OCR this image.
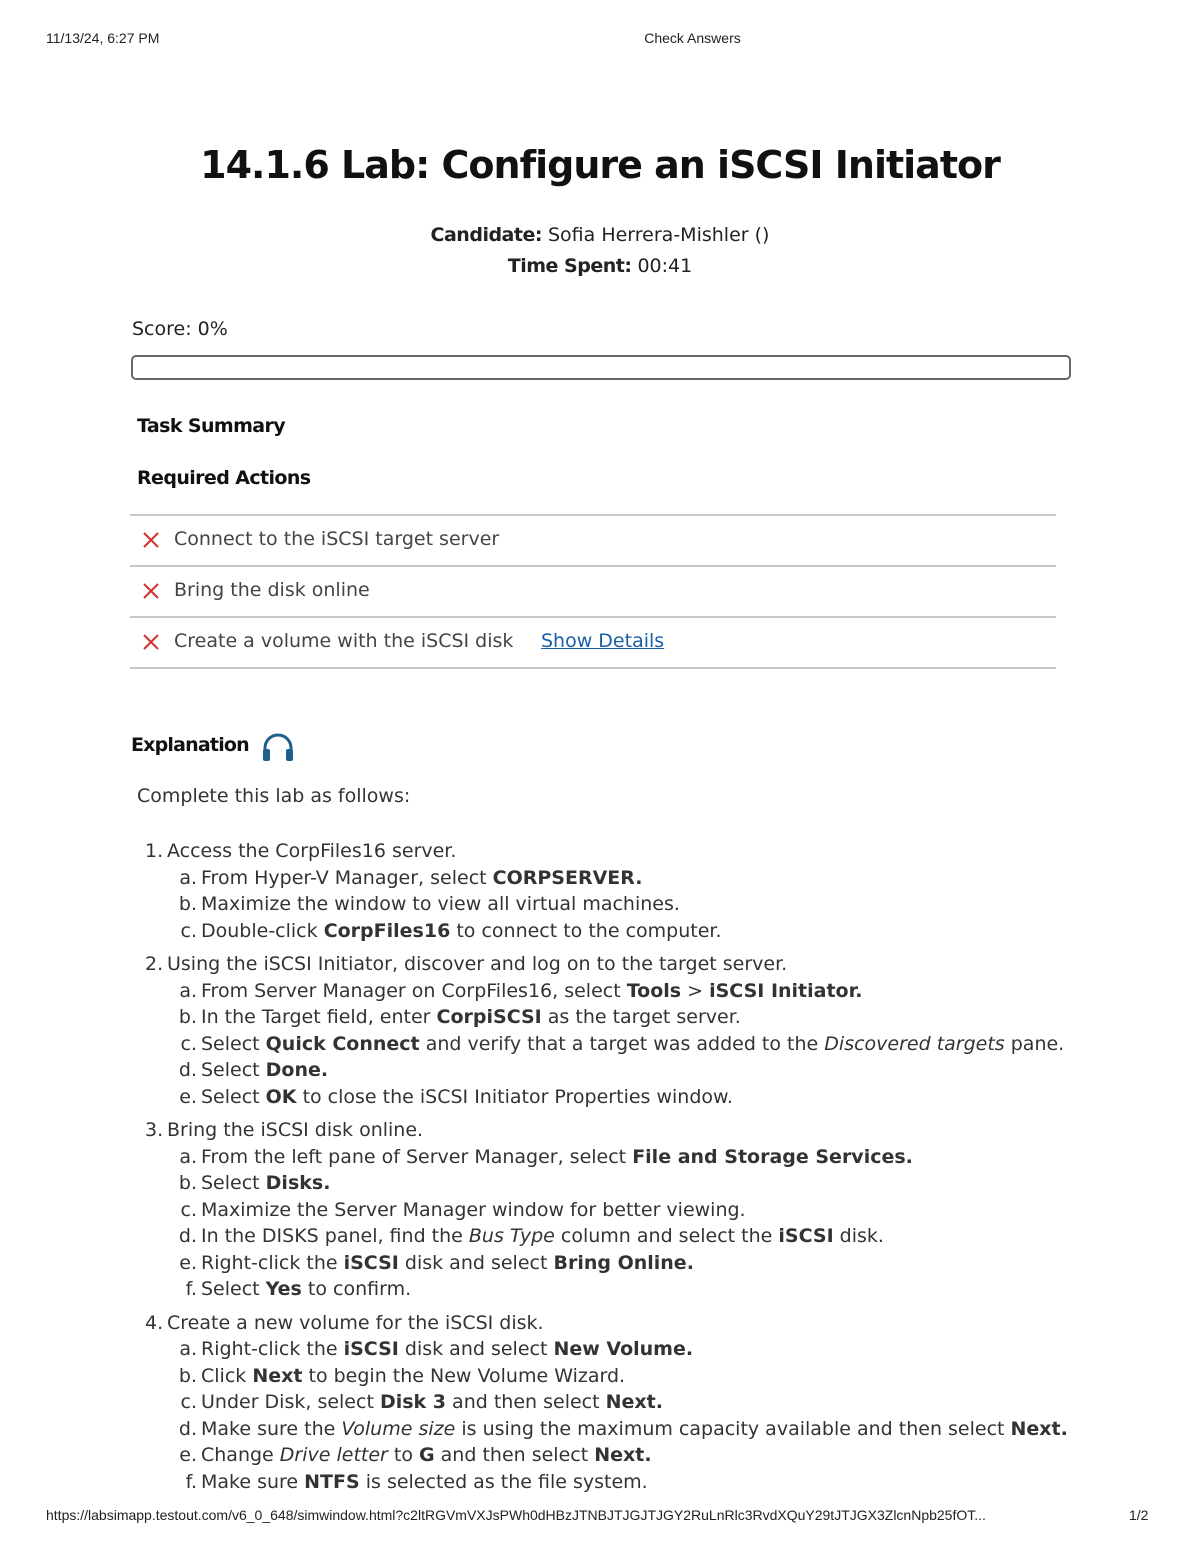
11/13/24, 6:27 PM	Check Answers
14.1.6 Lab: Configure an iSCSI Initiator
Candidate: Sofia Herrera-Mishler ()
Time Spent: 00:41
Score: 0%
Task Summary
Required Actions
Connect to the iSCSI target server
Bring the disk online
Create a volume with the iSCSI disk Show Details
Explanation
Complete this lab as follows:
1. Access the CorpFiles16 server.
a. From Hyper-V Manager, select CORPSERVER.
b. Maximize the window to view all virtual machines.
c. Double-click CorpFiles16 to connect to the computer.
2. Using the iSCSI Initiator, discover and log on to the target server.
a. From Server Manager on CorpFiles16, select Tools > iSCSI Initiator.
b. In the Target field, enter CorpiSCSI as the target server.
c. Select Quick Connect and verify that a target was added to the Discovered targets pane.
d. Select Done.
e. Select OK to close the iSCSI Initiator Properties window.
3. Bring the iSCSI disk online.
a. From the left pane of Server Manager, select File and Storage Services.
b. Select Disks.
c. Maximize the Server Manager window for better viewing.
d. In the DISKS panel, find the Bus Type column and select the iSCSI disk.
e. Right-click the iSCSI disk and select Bring Online.
f. Select Yes to confirm.
4. Create a new volume for the iSCSI disk.
a. Right-click the iSCSI disk and select New Volume.
b. Click Next to begin the New Volume Wizard.
c. Under Disk, select Disk 3 and then select Next.
d. Make sure the Volume size is using the maximum capacity available and then select Next.
e. Change Drive letter to G and then select Next.
f. Make sure NTFS is selected as the file system.
https://labsimapp.testout.com/v6_0_648/simwindow.html?c2ltRGVmVXJsPWh0dHBzJTNBJTJGJTJGY2RuLnRlc3RvdXQuY29tJTJGX3ZlcnNpb25fOT...	1/2
